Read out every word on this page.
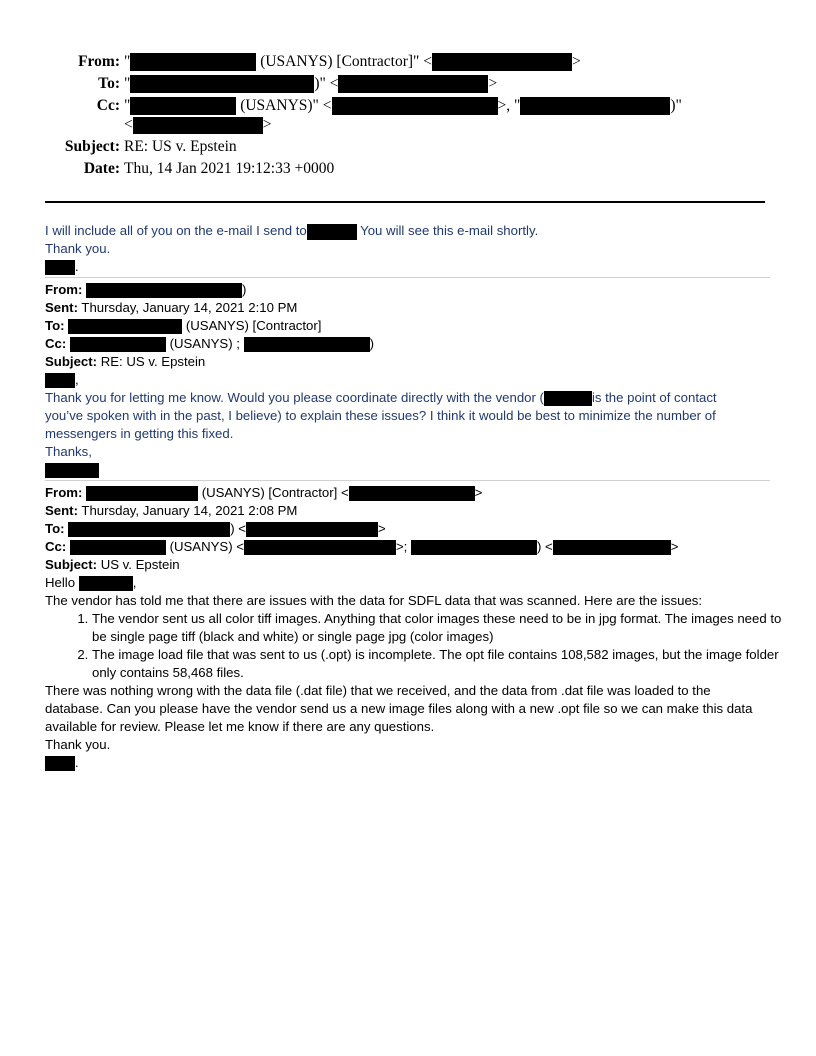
From: "	(USANYS) [Contractor]" <	>
To: "	)" <	>
Cc: "	(USANYS)" <	>, "	)"
<	>
Subject: RE: US v. Epstein
Date: Thu, 14 Jan 2021 19:12:33 +0000
I will include all of you on the e-mail I send to	You will see this e-mail shortly.
Thank you.
.
From:	)
Sent: Thursday, January 14, 2021 2:10 PM
To:	(USANYS) [Contractor]
Cc:	(USANYS) ;	)
Subject: RE: US v. Epstein
,
Thank you for letting me know. Would you please coordinate directly with the vendor (	is the point of contact
you’ve spoken with in the past, I believe) to explain these issues? I think it would be best to minimize the number of
messengers in getting this fixed.
Thanks,
From:	(USANYS) [Contractor] <	>
Sent: Thursday, January 14, 2021 2:08 PM
To:	) <	>
Cc:	(USANYS) <	>;	) <	>
Subject: US v. Epstein
Hello	,
The vendor has told me that there are issues with the data for SDFL data that was scanned. Here are the issues:
1. The vendor sent us all color tiff images. Anything that color images these need to be in jpg format. The images need to be single page tiff (black and white) or single page jpg (color images)
2. The image load file that was sent to us (.opt) is incomplete. The opt file contains 108,582 images, but the image folder only contains 58,468 files.
There was nothing wrong with the data file (.dat file) that we received, and the data from .dat file was loaded to the
database. Can you please have the vendor send us a new image files along with a new .opt file so we can make this data
available for review. Please let me know if there are any questions.
Thank you.
.
